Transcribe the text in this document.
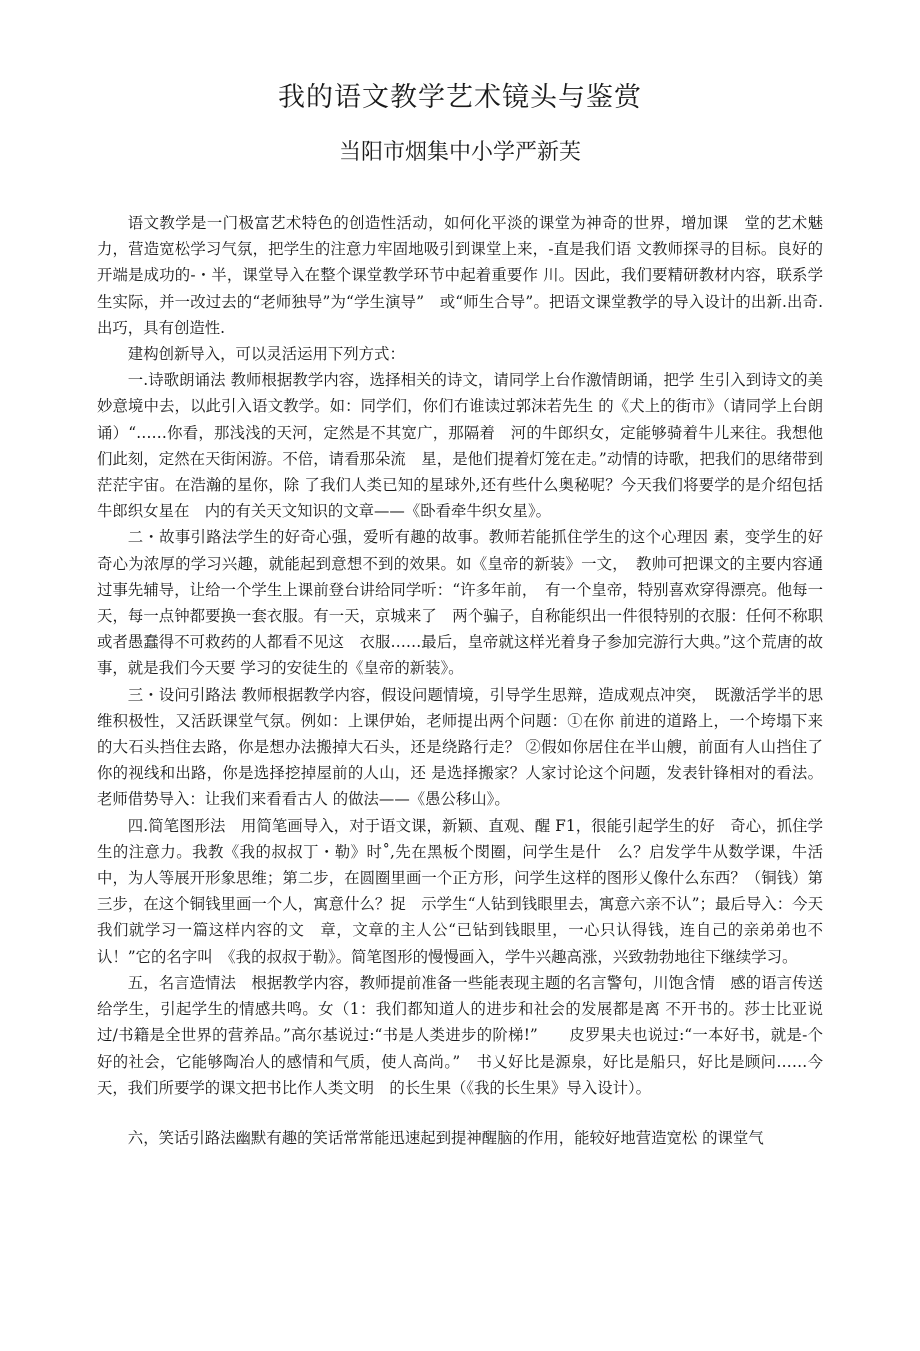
我的语文教学艺术镜头与鉴赏
当阳市烟集中小学严新芙

语文教学是一门极富艺术特色的创造性活动，如何化平淡的课堂为神奇的世界，增加课　堂的艺术魅力，营造宽松学习气氛，把学生的注意力牢固地吸引到课堂上来，-直是我们语 文教师探寻的目标。良好的开端是成功的-・半，课堂导入在整个课堂教学环节中起着重要作 川。因此，我们要精研教材内容，联系学生实际，并一改过去的“老师独导”为“学生演导”　或“师生合导”。把语文课堂教学的导入设计的出新.出奇.出巧，具有创造性.

建构创新导入，可以灵活运用下列方式：

一.诗歌朗诵法 教师根据教学内容，选择相关的诗文，请同学上台作激情朗诵，把学 生引入到诗文的美妙意境中去，以此引入语文教学。如：同学们，你们冇谁读过郭沫若先生 的《犬上的街市》（请同学上台朗诵）“……你看，那浅浅的天河，定然是不其宽广，那隔着　河的牛郎织女，定能够骑着牛儿来往。我想他们此刻，定然在天街闲游。不倍，请看那朵流　星，是他们提着灯笼在走。”动情的诗歌，把我们的思绪带到茫茫宇宙。在浩瀚的星你，除 了我们人类已知的星球外,还有些什么奥秘呢？今天我们将要学的是介绍包括牛郎织女星在　内的有关天文知识的文章——《卧看牵牛织女星》。

二・故事引路法学生的好奇心强，爱听有趣的故事。教师若能抓住学生的这个心理因 素，变学生的好奇心为浓厚的学习兴趣，就能起到意想不到的效果。如《皇帝的新装》一文，　教帅可把课文的主要内容通过事先辅导，让给一个学生上课前登台讲给同学听：“许多年前，　有一个皇帝，特别喜欢穿得漂亮。他每一天，每一点钟都要换一套衣服。有一天，京城来了　两个骗子，自称能织出一件很特别的衣服：任何不称职或者愚蠢得不可救药的人都看不见这　衣服……最后，皇帝就这样光着身子参加完游行大典。”这个荒唐的故事，就是我们今天要 学习的安徒生的《皇帝的新装》。

三・设问引路法 教师根据教学内容，假设问题情境，引导学生思辩，造成观点冲突，　既激活学半的思维积极性，又活跃课堂气氛。例如：上课伊始，老师提出两个问题：①在你 前进的道路上，一个垮塌下来的大石头挡住去路，你是想办法搬掉大石头，还是绕路行走？ ②假如你居住在半山艘，前面有人山挡住了你的视线和出路，你是选择挖掉屋前的人山，还 是选择搬家？人家讨论这个问题，发表针锋相对的看法。老师借势导入：让我们来看看古人 的做法——《愚公移山》。

四.简笔图形法　用简笔画导入，对于语文课，新颖、直观、醒 F1，很能引起学生的好　奇心，抓住学生的注意力。我教《我的叔叔丁・勒》时˚,先在黑板个閔圈，问学生是什　么？启发学牛从数学课，牛活中，为人等展开形象思维；第二步，在圆圈里画一个正方形，问学生这样的图形乂像什么东西？（铜钱）第三步，在这个铜钱里画一个人，寓意什么？捉　示学生“人钻到钱眼里去，寓意六亲不认”；最后导入：今天我们就学习一篇这样内容的文　章，文章的主人公“已钻到钱眼里，一心只认得钱，连自己的亲弟弟也不认！”它的名字叫　《我的叔叔于勒》。简笔图形的慢慢画入，学牛兴趣高涨，兴致勃勃地往下继续学习。

五，名言造情法　根据教学内容，教师提前准备一些能表现主题的名言警句，川饱含情　感的语言传送给学生，引起学生的情感共鸣。女（1：我们都知道人的进步和社会的发展都是离 不开书的。莎士比亚说过/书籍是全世界的营养品。”高尔基说过:“书是人类进步的阶梯!”　　皮罗果夫也说过:“一本好书，就是-个好的社会，它能够陶冶人的感情和气质，使人高尚。”　书乂好比是源泉，好比是船只，好比是顾问……今天，我们所要学的课文把书比作人类文明　的长生果（《我的长生果》导入设计）。

六，笑话引路法幽默有趣的笑话常常能迅速起到提神醒脑的作用，能较好地营造宽松 的课堂气
